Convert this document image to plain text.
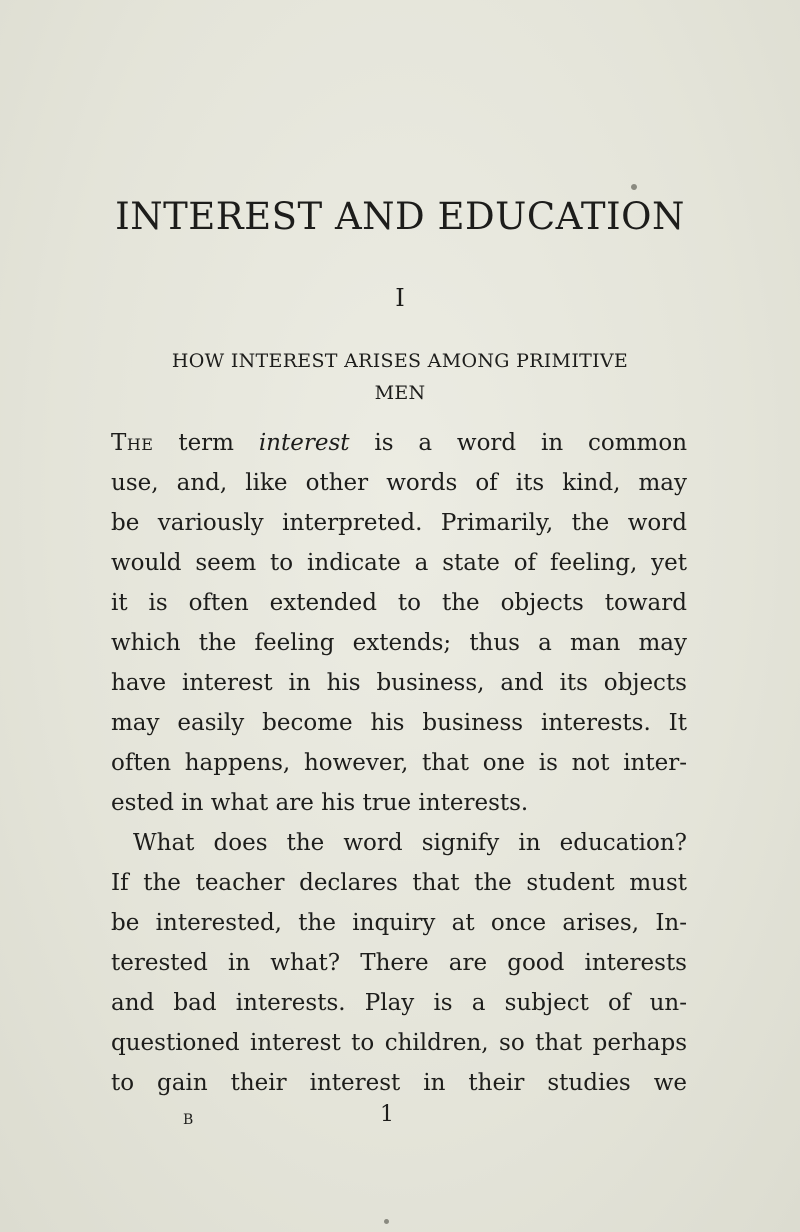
INTEREST AND EDUCATION
I
HOW INTEREST ARISES AMONG PRIMITIVE
MEN
The term interest is a word in common
use, and, like other words of its kind, may
be variously interpreted. Primarily, the word
would seem to indicate a state of feeling, yet
it is often extended to the objects toward
which the feeling extends; thus a man may
have interest in his business, and its objects
may easily become his business interests. It
often happens, however, that one is not inter-
ested in what are his true interests.
What does the word signify in education?
If the teacher declares that the student must
be interested, the inquiry at once arises, In-
terested in what? There are good interests
and bad interests. Play is a subject of un-
questioned interest to children, so that perhaps
to gain their interest in their studies we
B	1
